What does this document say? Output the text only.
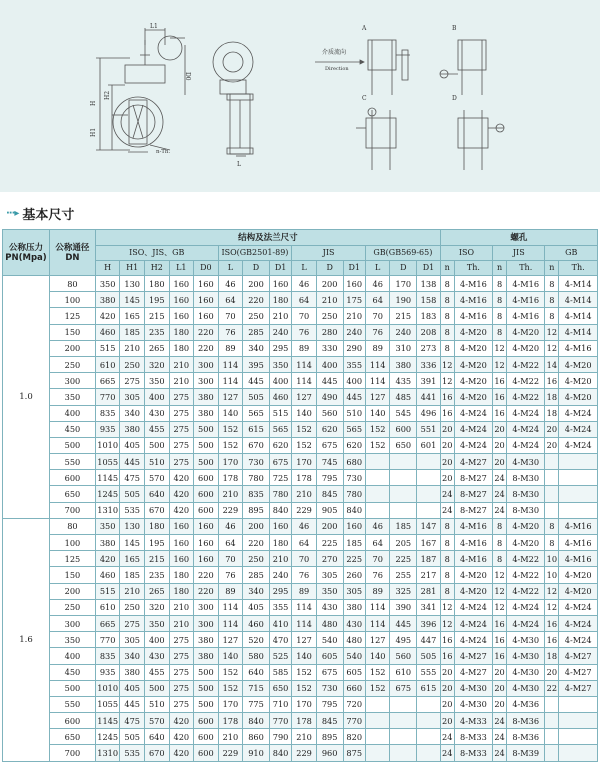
L1
D0
H
H2
H1
n-Th.
L
A
介质流向
Direction
B
C	D
···▸ 基本尺寸
公称压力PN(Mpa)	公称通径DN	结构及法兰尺寸														螺孔					
		ISO、JIS、GB					ISO(GB2501-89)			JIS			GB(GB569-65)			ISO		JIS		GB	
		H	H1	H2	L1	D0	L	D	D1	L	D	D1	L	D	D1	n	Th.	n	Th.	n	Th.
1.0	80	350	130	180	160	160	46	200	160	46	200	160	46	170	138	8	4-M16	8	4-M16	8	4-M14
	100	380	145	195	160	160	64	220	180	64	210	175	64	190	158	8	4-M16	8	4-M16	8	4-M14
	125	420	165	215	160	160	70	250	210	70	250	210	70	215	183	8	4-M16	8	4-M16	8	4-M14
	150	460	185	235	180	220	76	285	240	76	280	240	76	240	208	8	4-M20	8	4-M20	12	4-M14
	200	515	210	265	180	220	89	340	295	89	330	290	89	310	273	8	4-M20	12	4-M20	12	4-M16
	250	610	250	320	210	300	114	395	350	114	400	355	114	380	336	12	4-M20	12	4-M22	14	4-M20
	300	665	275	350	210	300	114	445	400	114	445	400	114	435	391	12	4-M20	16	4-M22	16	4-M20
	350	770	305	400	275	380	127	505	460	127	490	445	127	485	441	16	4-M20	16	4-M22	18	4-M20
	400	835	340	430	275	380	140	565	515	140	560	510	140	545	496	16	4-M24	16	4-M24	18	4-M24
	450	935	380	455	275	500	152	615	565	152	620	565	152	600	551	20	4-M24	20	4-M24	20	4-M24
	500	1010	405	500	275	500	152	670	620	152	675	620	152	650	601	20	4-M24	20	4-M24	20	4-M24
	550	1055	445	510	275	500	170	730	675	170	745	680				20	4-M27	20	4-M30		
	600	1145	475	570	420	600	178	780	725	178	795	730				20	8-M27	24	8-M30		
	650	1245	505	640	420	600	210	835	780	210	845	780				24	8-M27	24	8-M30		
	700	1310	535	670	420	600	229	895	840	229	905	840				24	8-M27	24	8-M30		
1.6	80	350	130	180	160	160	46	200	160	46	200	160	46	185	147	8	4-M16	8	4-M20	8	4-M16
	100	380	145	195	160	160	64	220	180	64	225	185	64	205	167	8	4-M16	8	4-M20	8	4-M16
	125	420	165	215	160	160	70	250	210	70	270	225	70	225	187	8	4-M16	8	4-M22	10	4-M16
	150	460	185	235	180	220	76	285	240	76	305	260	76	255	217	8	4-M20	12	4-M22	10	4-M20
	200	515	210	265	180	220	89	340	295	89	350	305	89	325	281	8	4-M20	12	4-M22	12	4-M20
	250	610	250	320	210	300	114	405	355	114	430	380	114	390	341	12	4-M24	12	4-M24	12	4-M24
	300	665	275	350	210	300	114	460	410	114	480	430	114	445	396	12	4-M24	16	4-M24	16	4-M24
	350	770	305	400	275	380	127	520	470	127	540	480	127	495	447	16	4-M24	16	4-M30	16	4-M24
	400	835	340	430	275	380	140	580	525	140	605	540	140	560	505	16	4-M27	16	4-M30	18	4-M27
	450	935	380	455	275	500	152	640	585	152	675	605	152	610	555	20	4-M27	20	4-M30	20	4-M27
	500	1010	405	500	275	500	152	715	650	152	730	660	152	675	615	20	4-M30	20	4-M30	22	4-M27
	550	1055	445	510	275	500	170	775	710	170	795	720				20	4-M30	20	4-M36		
	600	1145	475	570	420	600	178	840	770	178	845	770				20	4-M33	24	8-M36		
	650	1245	505	640	420	600	210	860	790	210	895	820				24	8-M33	24	8-M36		
	700	1310	535	670	420	600	229	910	840	229	960	875				24	8-M33	24	8-M39		
